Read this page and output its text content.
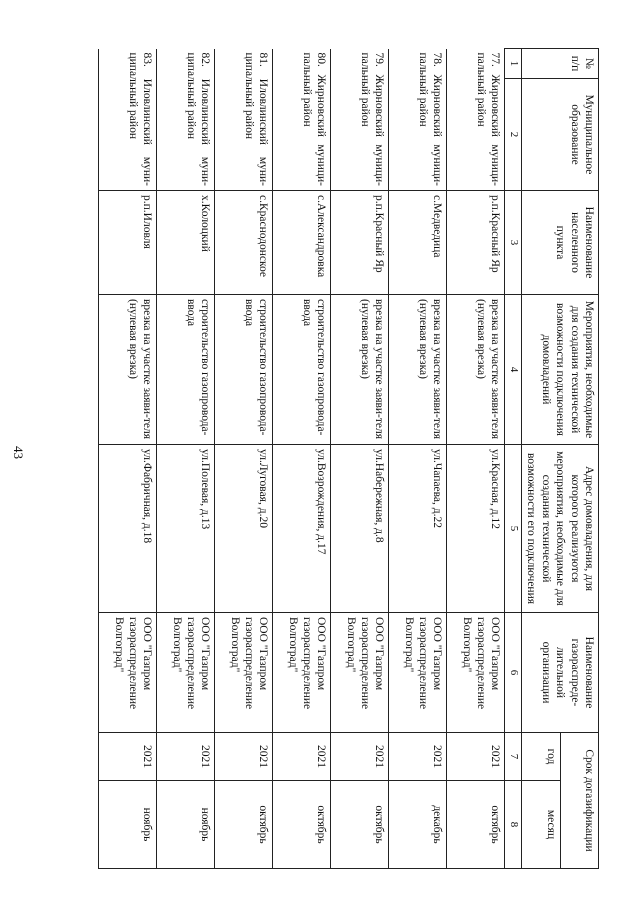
43
№ п/п	Муниципальное образование	Наименование населенного пункта	Мероприятия, необходимые для создания технической возможности подключения домовладений	Адрес домовладения, для которого реализуются мероприятия, необходимые для создания технической возможности его подключения	Наименование газораспреде-лительной организации	Срок догазификации	
						год	месяц
1	2	3	4	5	6	7	8
77. Жирновский муници-пальный район		р.п.Красный Яр	врезка на участке заяви-теля (нулевая врезка)	ул.Красная, д.12	ООО "Газпром газораспределение Волгоград"	2021	октябрь
78. Жирновский муници-пальный район		с.Медведица	врезка на участке заяви-теля (нулевая врезка)	ул.Чапаева, д.22	ООО "Газпром газораспределение Волгоград"	2021	декабрь
79. Жирновский муници-пальный район		р.п.Красный Яр	врезка на участке заяви-теля (нулевая врезка)	ул.Набережная, д.8	ООО "Газпром газораспределение Волгоград"	2021	октябрь
80. Жирновский муници-пальный район		с.Александровка	строительство газопровода-ввода	ул.Возрождения, д.17	ООО "Газпром газораспределение Волгоград"	2021	октябрь
81. Иловлинский муни-ципальный район		с.Краснодонское	строительство газопровода-ввода	ул.Луговая, д.20	ООО "Газпром газораспределение Волгоград"	2021	октябрь
82. Иловлинский муни-ципальный район		х.Колоцкий	строительство газопровода-ввода	ул.Полевая, д.13	ООО "Газпром газораспределение Волгоград"	2021	ноябрь
83. Иловлинский муни-ципальный район		р.п.Иловля	врезка на участке заяви-теля (нулевая врезка)	ул.Фабричная, д.18	ООО "Газпром газораспределение Волгоград"	2021	ноябрь
